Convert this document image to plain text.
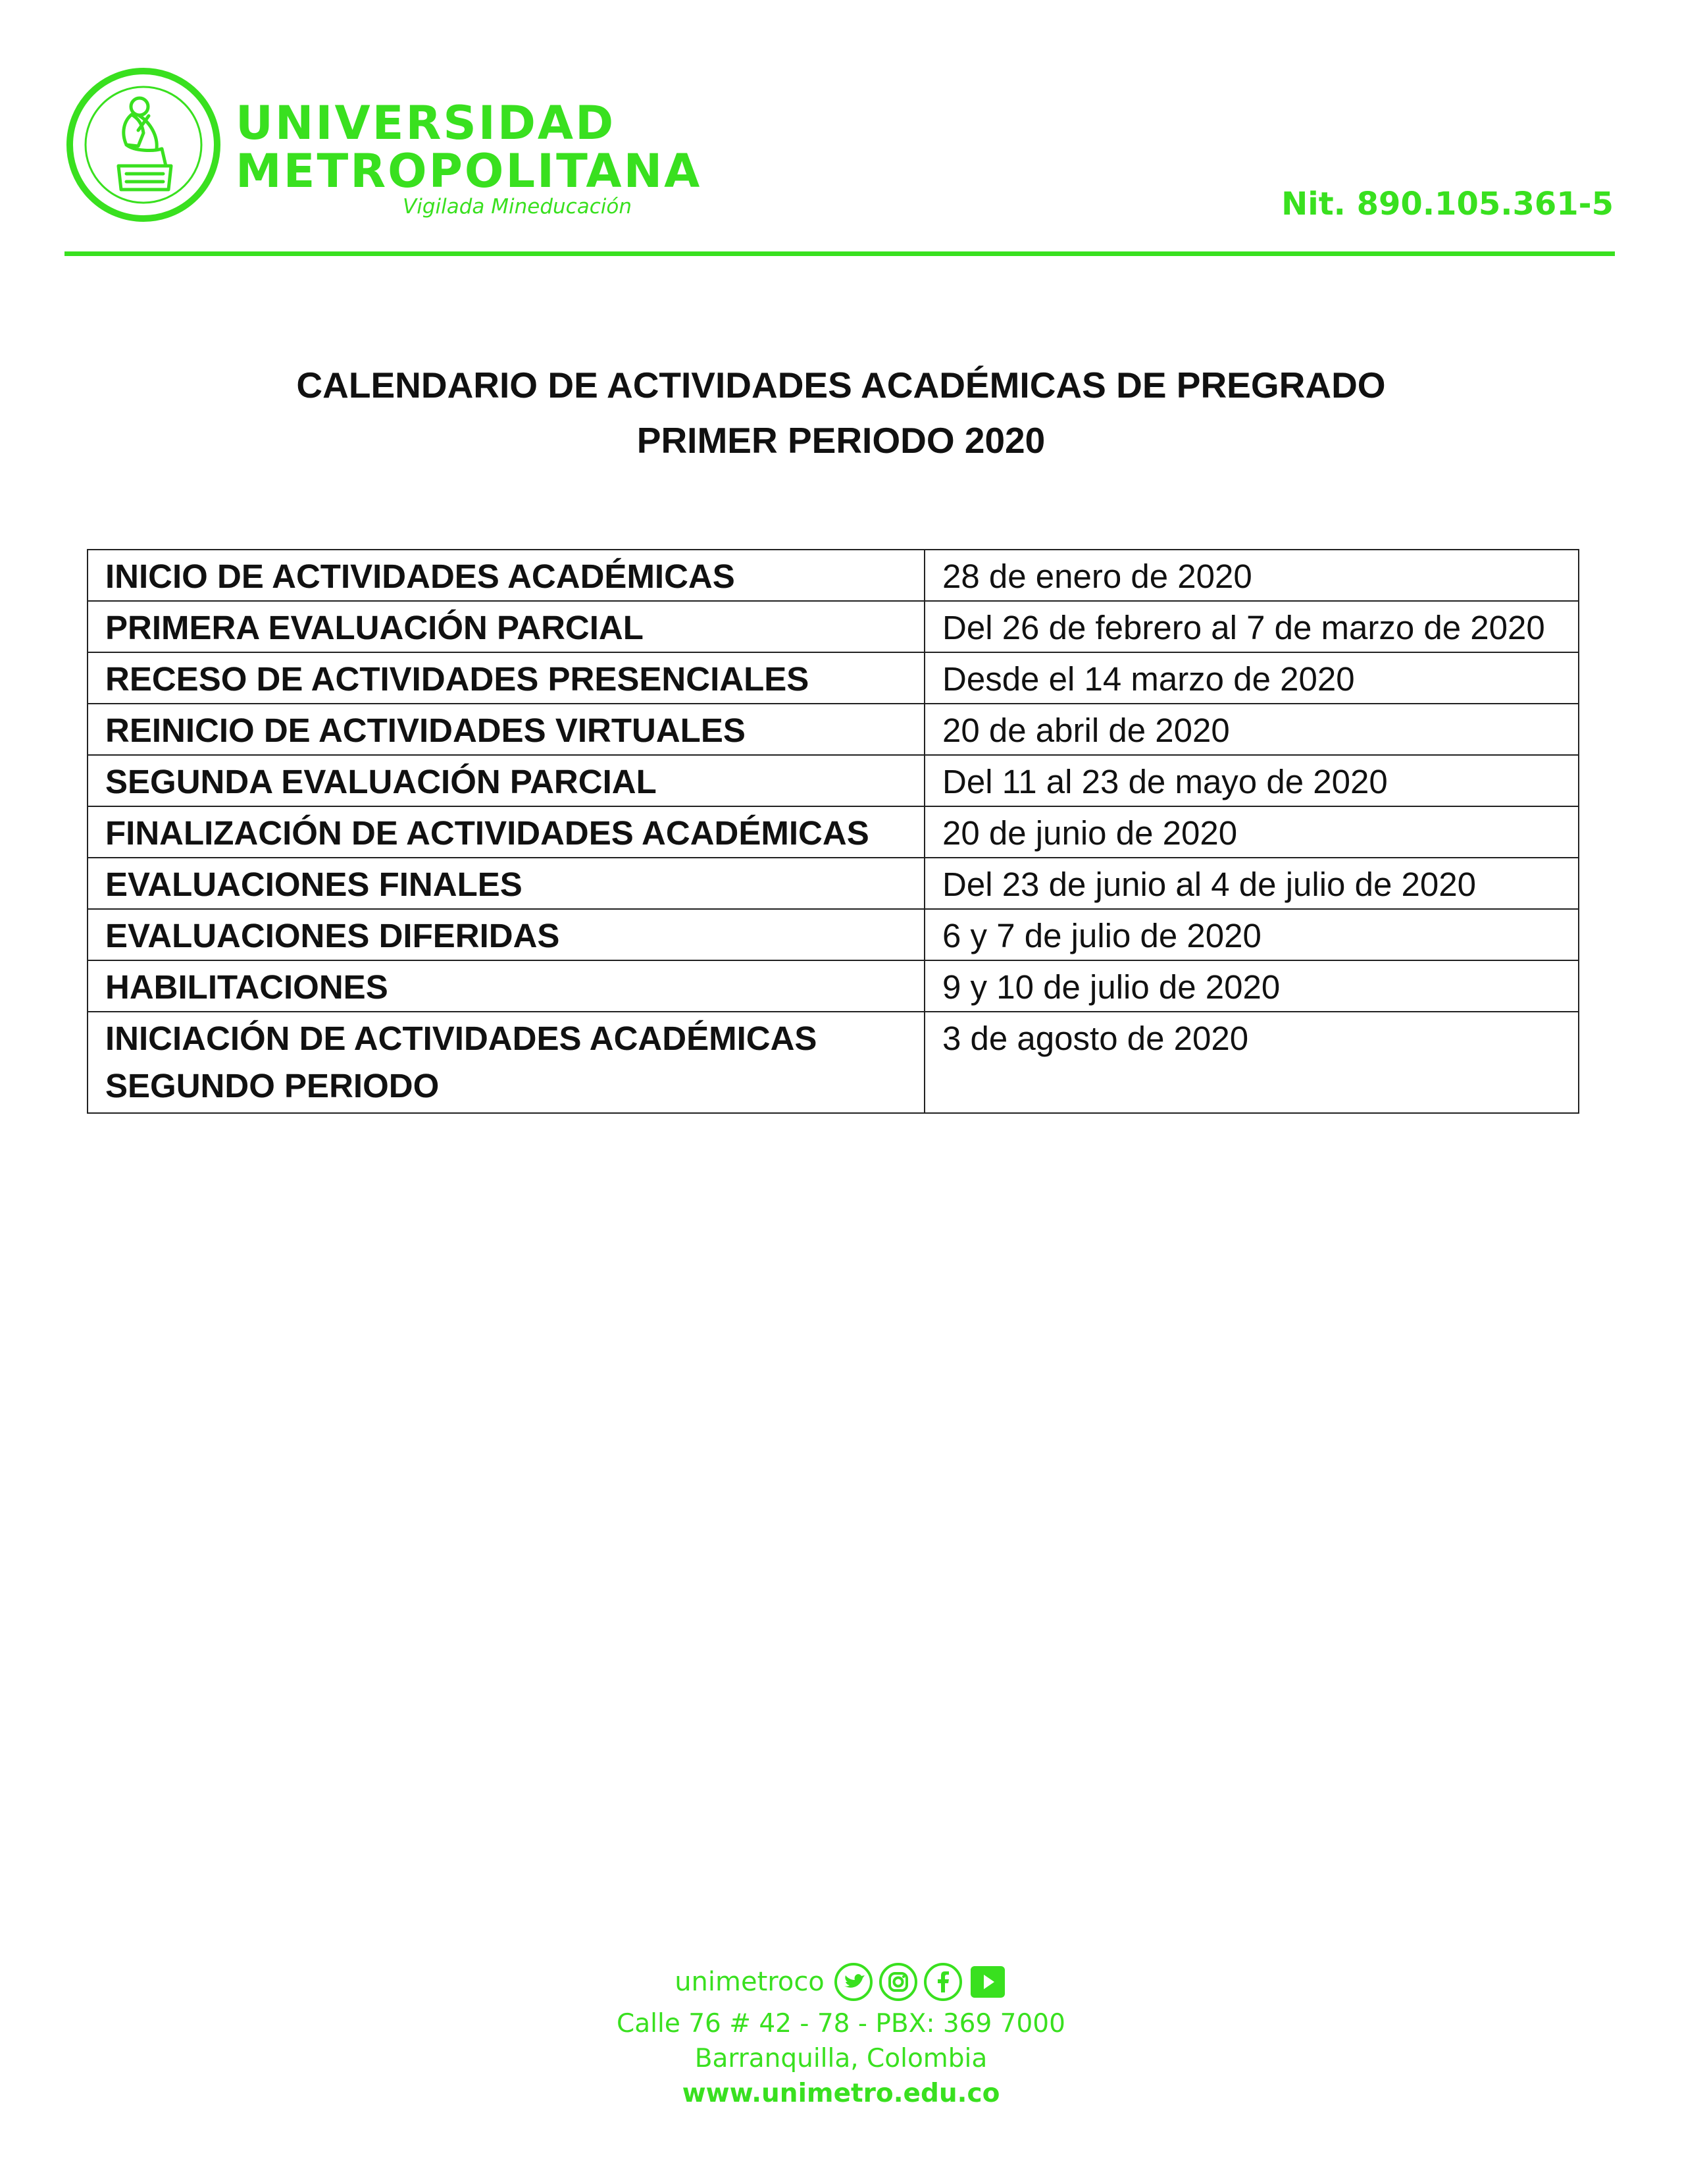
UNIVERSIDAD
METROPOLITANA
Vigilada Mineducación	Nit. 890.105.361-5
CALENDARIO DE ACTIVIDADES ACADÉMICAS DE PREGRADO
PRIMER PERIODO 2020
INICIO DE ACTIVIDADES ACADÉMICAS	28 de enero de 2020
PRIMERA EVALUACIÓN PARCIAL	Del 26 de febrero al 7 de marzo de 2020
RECESO DE ACTIVIDADES PRESENCIALES	Desde el 14 marzo de 2020
REINICIO DE ACTIVIDADES VIRTUALES	20 de abril de 2020
SEGUNDA EVALUACIÓN PARCIAL	Del 11 al 23 de mayo de 2020
FINALIZACIÓN DE ACTIVIDADES ACADÉMICAS	20 de junio de 2020
EVALUACIONES FINALES	Del 23 de junio al 4 de julio de 2020
EVALUACIONES DIFERIDAS	6 y 7 de julio de 2020
HABILITACIONES	9 y 10 de julio de 2020
INICIACIÓN DE ACTIVIDADES ACADÉMICAS SEGUNDO PERIODO	3 de agosto de 2020
unimetroco
Calle 76 # 42 - 78 - PBX: 369 7000
Barranquilla, Colombia
www.unimetro.edu.co
